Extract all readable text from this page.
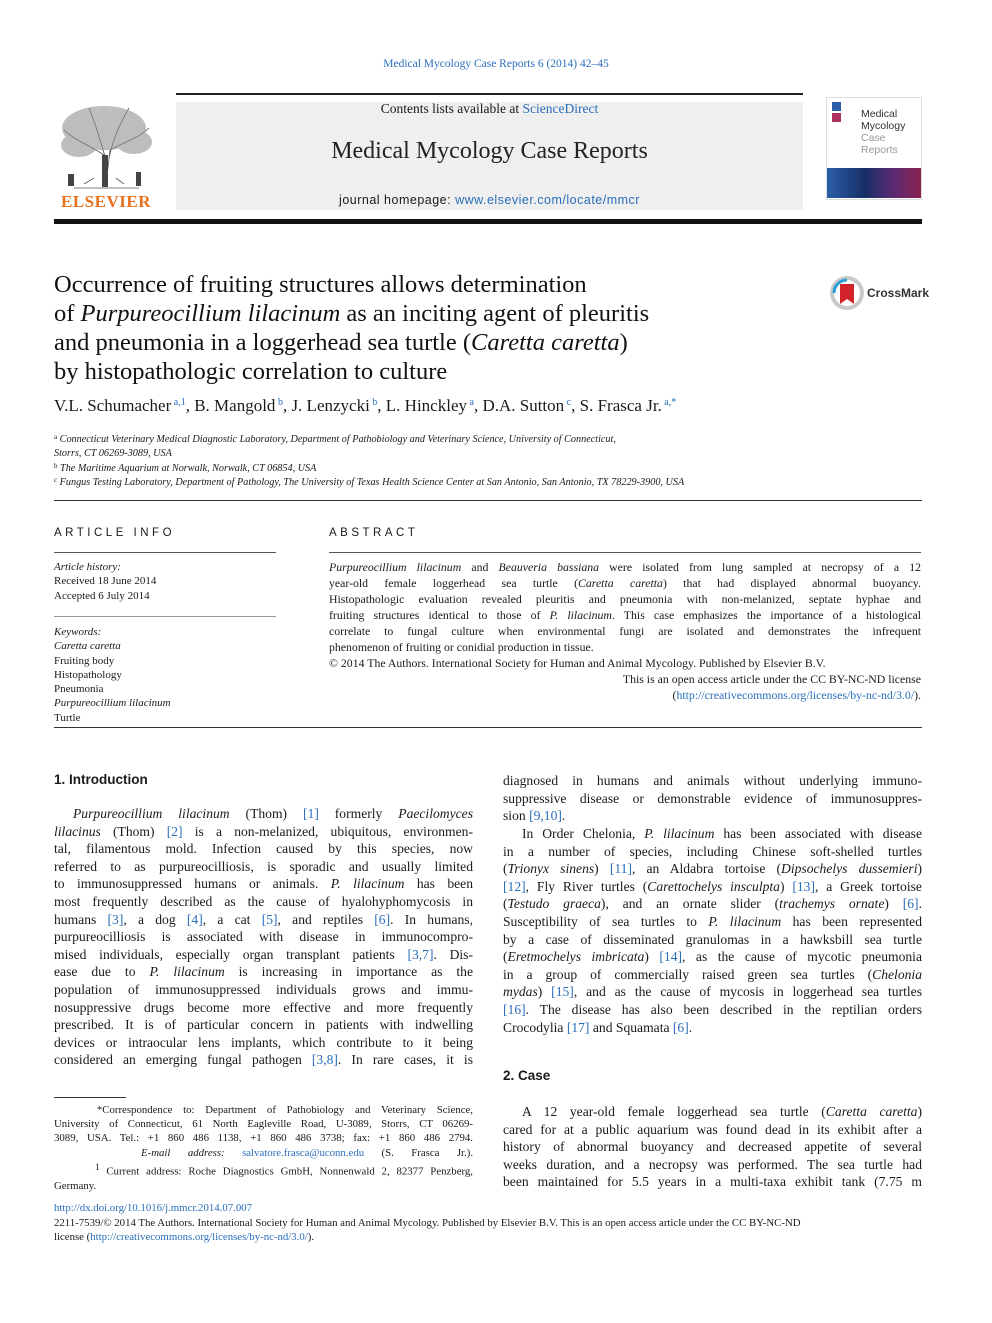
Medical Mycology Case Reports 6 (2014) 42–45
ELSEVIER
Contents lists available at ScienceDirect
Medical Mycology Case Reports
journal homepage: www.elsevier.com/locate/mmcr
Medical
Mycology
Case
Reports
Occurrence of fruiting structures allows determination
of Purpureocillium lilacinum as an inciting agent of pleuritis
and pneumonia in a loggerhead sea turtle (Caretta caretta)
by histopathologic correlation to culture
CrossMark
V.L. Schumacher $^{a,1}$, B. Mangold $^b$, J. Lenzycki $^b$, L. Hinckley $^a$, D.A. Sutton $^c$, S. Frasca Jr. $^{a,*}$
$^a$ Connecticut Veterinary Medical Diagnostic Laboratory, Department of Pathobiology and Veterinary Science, University of Connecticut,
Storrs, CT 06269-3089, USA
$^b$ The Maritime Aquarium at Norwalk, Norwalk, CT 06854, USA
$^c$ Fungus Testing Laboratory, Department of Pathology, The University of Texas Health Science Center at San Antonio, San Antonio, TX 78229-3900, USA
ARTICLE INFO
Article history:
Received 18 June 2014
Accepted 6 July 2014
Keywords:
Caretta caretta
Fruiting body
Histopathology
Pneumonia
Purpureocillium lilacinum
Turtle
ABSTRACT
Purpureocillium lilacinum and Beauveria bassiana were isolated from lung sampled at necropsy of a 12
year-old female loggerhead sea turtle (Caretta caretta) that had displayed abnormal buoyancy.
Histopathologic evaluation revealed pleuritis and pneumonia with non-melanized, septate hyphae and
fruiting structures identical to those of P. lilacinum. This case emphasizes the importance of a histological
correlate to fungal culture when environmental fungi are isolated and demonstrates the infrequent
phenomenon of fruiting or conidial production in tissue.
© 2014 The Authors. International Society for Human and Animal Mycology. Published by Elsevier B.V.
This is an open access article under the CC BY-NC-ND license
(http://creativecommons.org/licenses/by-nc-nd/3.0/).
1. Introduction
Purpureocillium lilacinum (Thom) [1] formerly Paecilomyces
lilacinus (Thom) [2] is a non-melanized, ubiquitous, environmen-
tal, filamentous mold. Infection caused by this species, now
referred to as purpureocilliosis, is sporadic and usually limited
to immunosuppressed humans or animals. P. lilacinum has been
most frequently described as the cause of hyalohyphomycosis in
humans [3], a dog [4], a cat [5], and reptiles [6]. In humans,
purpureocilliosis is associated with disease in immunocompro-
mised individuals, especially organ transplant patients [3,7]. Dis-
ease due to P. lilacinum is increasing in importance as the
population of immunosuppressed individuals grows and immu-
nosuppressive drugs become more effective and more frequently
prescribed. It is of particular concern in patients with indwelling
devices or intraocular lens implants, which contribute to it being
considered an emerging fungal pathogen [3,8]. In rare cases, it is
*Correspondence to: Department of Pathobiology and Veterinary Science,
University of Connecticut, 61 North Eagleville Road, U-3089, Storrs, CT 06269-
3089, USA. Tel.: +1 860 486 1138, +1 860 486 3738; fax: +1 860 486 2794.
E-mail address: salvatore.frasca@uconn.edu (S. Frasca Jr.).
$^1$ Current address: Roche Diagnostics GmbH, Nonnenwald 2, 82377 Penzberg,
Germany.
diagnosed in humans and animals without underlying immuno-
suppressive disease or demonstrable evidence of immunosuppres-
sion [9,10].
In Order Chelonia, P. lilacinum has been associated with disease
in a number of species, including Chinese soft-shelled turtles
(Trionyx sinens) [11], an Aldabra tortoise (Dipsochelys dussemieri)
[12], Fly River turtles (Carettochelys insculpta) [13], a Greek tortoise
(Testudo graeca), and an ornate slider (trachemys ornate) [6].
Susceptibility of sea turtles to P. lilacinum has been represented
by a case of disseminated granulomas in a hawksbill sea turtle
(Eretmochelys imbricata) [14], as the cause of mycotic pneumonia
in a group of commercially raised green sea turtles (Chelonia
mydas) [15], and as the cause of mycosis in loggerhead sea turtles
[16]. The disease has also been described in the reptilian orders
Crocodylia [17] and Squamata [6].
2. Case
A 12 year-old female loggerhead sea turtle (Caretta caretta)
cared for at a public aquarium was found dead in its exhibit after a
history of abnormal buoyancy and decreased appetite of several
weeks duration, and a necropsy was performed. The sea turtle had
been maintained for 5.5 years in a multi-taxa exhibit tank (7.75 m
http://dx.doi.org/10.1016/j.mmcr.2014.07.007
2211-7539/© 2014 The Authors. International Society for Human and Animal Mycology. Published by Elsevier B.V. This is an open access article under the CC BY-NC-ND
license (http://creativecommons.org/licenses/by-nc-nd/3.0/).
